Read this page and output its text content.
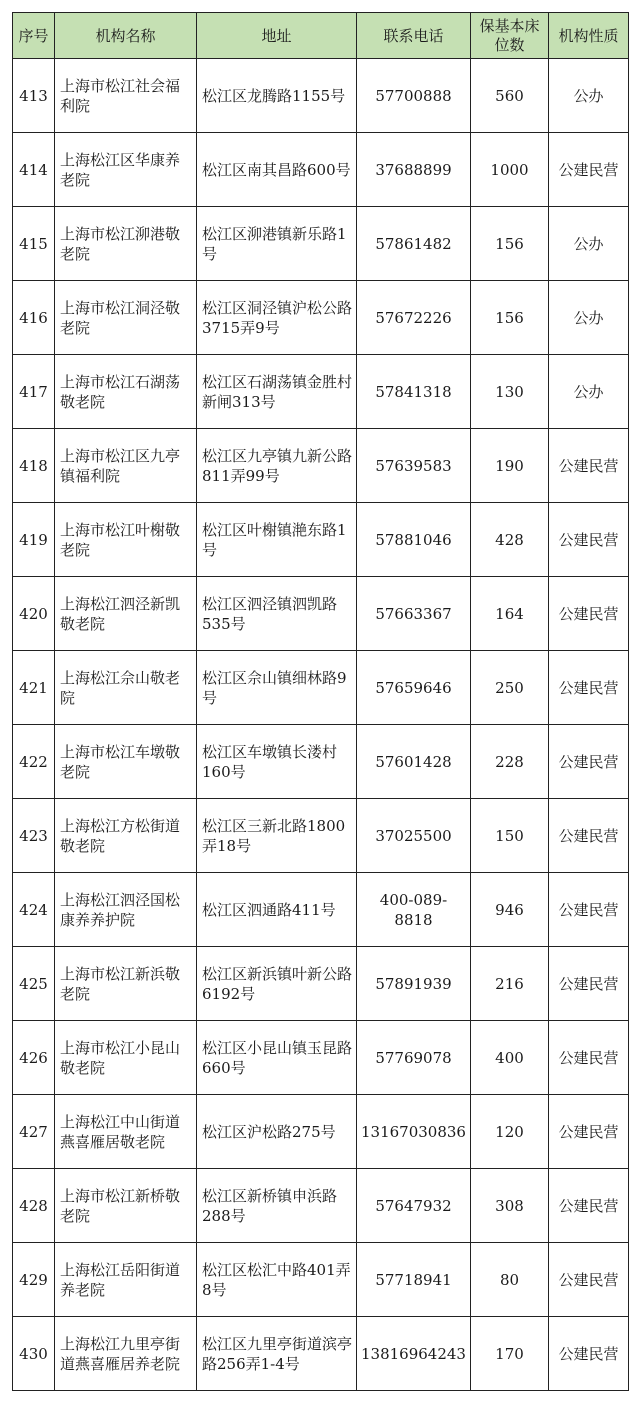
序号	机构名称	地址	联系电话	保基本床位数	机构性质
413	上海市松江社会福利院	松江区龙腾路1155号	57700888	560	公办
414	上海松江区华康养老院	松江区南其昌路600号	37688899	1000	公建民营
415	上海市松江泖港敬老院	松江区泖港镇新乐路1号	57861482	156	公办
416	上海市松江洞泾敬老院	松江区洞泾镇沪松公路3715弄9号	57672226	156	公办
417	上海市松江石湖荡敬老院	松江区石湖荡镇金胜村新闸313号	57841318	130	公办
418	上海市松江区九亭镇福利院	松江区九亭镇九新公路811弄99号	57639583	190	公建民营
419	上海市松江叶榭敬老院	松江区叶榭镇滟东路1号	57881046	428	公建民营
420	上海松江泗泾新凯敬老院	松江区泗泾镇泗凯路535号	57663367	164	公建民营
421	上海松江佘山敬老院	松江区佘山镇细林路9号	57659646	250	公建民营
422	上海市松江车墩敬老院	松江区车墩镇长溇村160号	57601428	228	公建民营
423	上海松江方松街道敬老院	松江区三新北路1800弄18号	37025500	150	公建民营
424	上海松江泗泾国松康养养护院	松江区泗通路411号	400-089-8818	946	公建民营
425	上海市松江新浜敬老院	松江区新浜镇叶新公路6192号	57891939	216	公建民营
426	上海市松江小昆山敬老院	松江区小昆山镇玉昆路660号	57769078	400	公建民营
427	上海松江中山街道燕喜雁居敬老院	松江区沪松路275号	13167030836	120	公建民营
428	上海市松江新桥敬老院	松江区新桥镇申浜路288号	57647932	308	公建民营
429	上海松江岳阳街道养老院	松江区松汇中路401弄8号	57718941	80	公建民营
430	上海松江九里亭街道燕喜雁居养老院	松江区九里亭街道滨亭路256弄1-4号	13816964243	170	公建民营
